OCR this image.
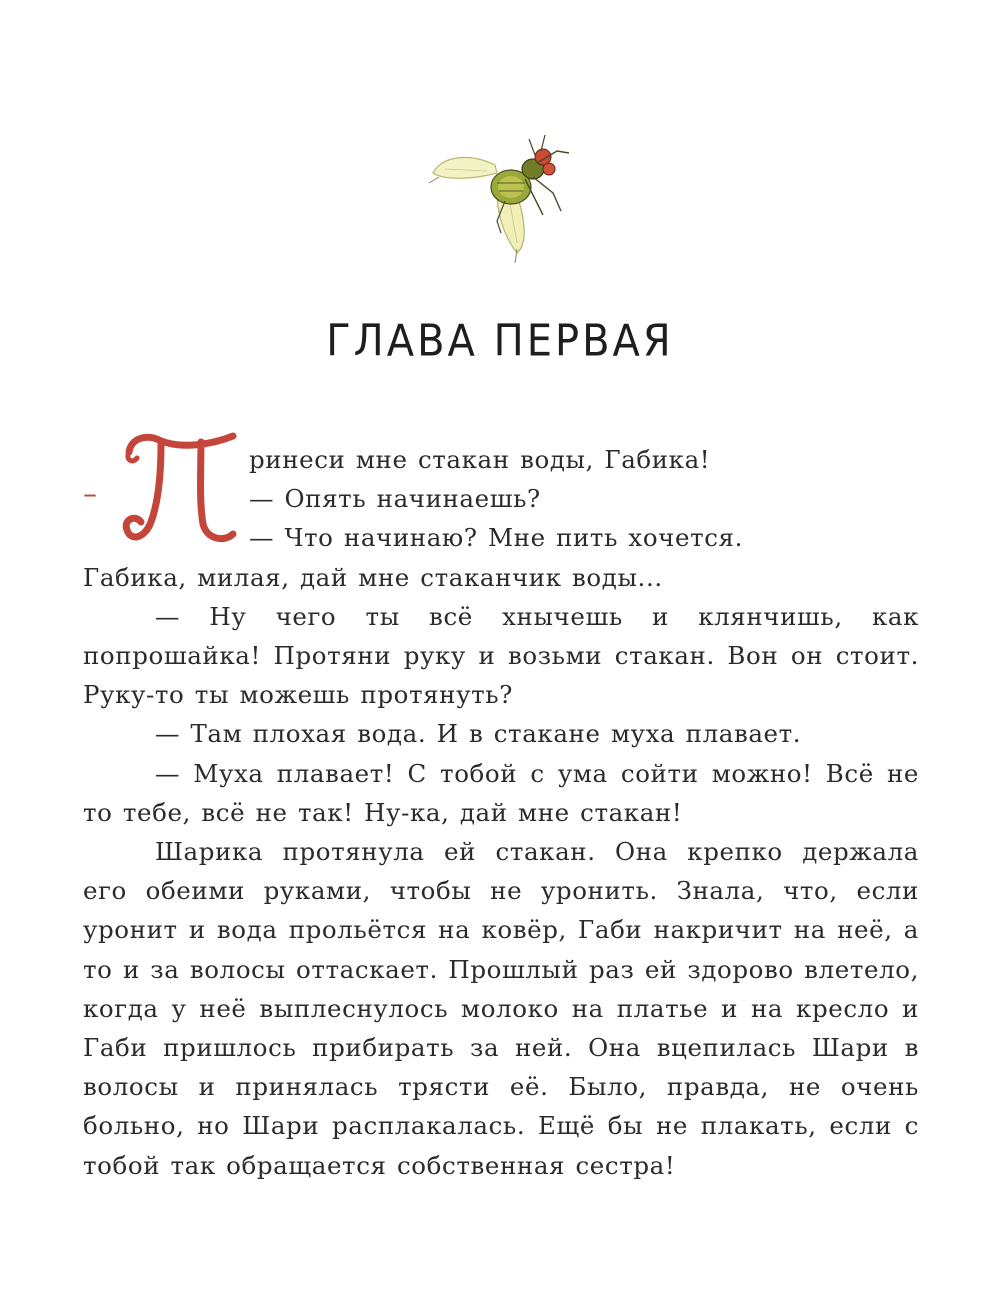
ГЛАВА ПЕРВАЯ
–

ринеси мне стакан воды, Габика!

— Опять начинаешь?

— Что начинаю? Мне пить хочется.

Габика, милая, дай мне стаканчик воды...

— Ну чего ты всё хнычешь и клянчишь, как попрошайка! Протяни руку и возьми стакан. Вон он стоит. Руку-то ты можешь протянуть?

— Там плохая вода. И в стакане муха плавает.

— Муха плавает! С тобой с ума сойти можно! Всё не то тебе, всё не так! Ну-ка, дай мне стакан!

Шарика протянула ей стакан. Она крепко держала его обеими руками, чтобы не уронить. Знала, что, если уронит и вода прольётся на ковёр, Габи накричит на неё, а то и за волосы оттаскает. Прошлый раз ей здорово влетело, когда у неё выплеснулось молоко на платье и на кресло и Габи пришлось прибирать за ней. Она вцепилась Шари в волосы и принялась трясти её. Было, правда, не очень больно, но Шари расплакалась. Ещё бы не плакать, если с тобой так обращается собственная сестра!
